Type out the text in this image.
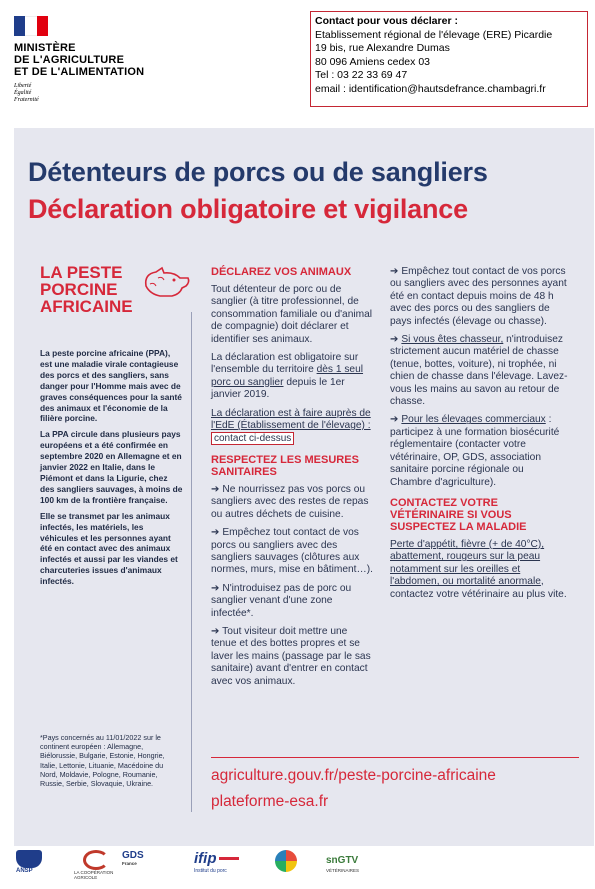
MINISTÈRE
DE L'AGRICULTURE
ET DE L'ALIMENTATION
Liberté
Égalité
Fraternité
Contact pour vous déclarer :
Etablissement régional de l'élevage (ERE) Picardie
19 bis, rue Alexandre Dumas
80 096 Amiens cedex 03
Tel : 03 22 33 69 47
email : identification@hautsdefrance.chambagri.fr
Détenteurs de porcs ou de sangliers
Déclaration obligatoire et vigilance
LA PESTE
PORCINE
AFRICAINE

La peste porcine africaine (PPA), est une maladie virale contagieuse des porcs et des sangliers, sans danger pour l'Homme mais avec de graves conséquences pour la santé des animaux et l'économie de la filière porcine.

La PPA circule dans plusieurs pays européens et a été confirmée en septembre 2020 en Allemagne et en janvier 2022 en Italie, dans le Piémont et dans la Ligurie, chez des sangliers sauvages, à moins de 100 km de la frontière française.

Elle se transmet par les animaux infectés, les matériels, les véhicules et les personnes ayant été en contact avec des animaux infectés et aussi par les viandes et charcuteries issues d'animaux infectés.

*Pays concernés au 11/01/2022 sur le continent européen : Allemagne, Biélorussie, Bulgarie, Estonie, Hongrie, Italie, Lettonie, Lituanie, Macédoine du Nord, Moldavie, Pologne, Roumanie, Russie, Serbie, Slovaquie, Ukraine.
DÉCLAREZ VOS ANIMAUX
Tout détenteur de porc ou de sanglier (à titre professionnel, de consommation familiale ou d'animal de compagnie) doit déclarer et identifier ses animaux.
La déclaration est obligatoire sur l'ensemble du territoire dès 1 seul porc ou sanglier depuis le 1er janvier 2019.
La déclaration est à faire auprès de l'EdE (Établissement de l'élevage) : contact ci-dessus
RESPECTEZ LES MESURES SANITAIRES
➔ Ne nourrissez pas vos porcs ou sangliers avec des restes de repas ou autres déchets de cuisine.
➔ Empêchez tout contact de vos porcs ou sangliers avec des sangliers sauvages (clôtures aux normes, murs, mise en bâtiment…).
➔ N'introduisez pas de porc ou sanglier venant d'une zone infectée*.
➔ Tout visiteur doit mettre une tenue et des bottes propres et se laver les mains (passage par le sas sanitaire) avant d'entrer en contact avec vos animaux.
➔ Empêchez tout contact de vos porcs ou sangliers avec des personnes ayant été en contact depuis moins de 48 h avec des porcs ou des sangliers de pays infectés (élevage ou chasse).
➔ Si vous êtes chasseur, n'introduisez strictement aucun matériel de chasse (tenue, bottes, voiture), ni trophée, ni chien de chasse dans l'élevage. Lavez-vous les mains au savon au retour de chasse.
➔ Pour les élevages commerciaux : participez à une formation biosécurité réglementaire (contacter votre vétérinaire, OP, GDS, association sanitaire porcine régionale ou Chambre d'agriculture).
CONTACTEZ VOTRE VÉTÉRINAIRE SI VOUS SUSPECTEZ LA MALADIE
Perte d'appétit, fièvre (+ de 40°C), abattement, rougeurs sur la peau notamment sur les oreilles et l'abdomen, ou mortalité anormale, contactez votre vétérinaire au plus vite.
agriculture.gouv.fr/peste-porcine-africaine
plateforme-esa.fr
ANSP	LA COOPÉRATION AGRICOLE
GDS
France	ifip
Institut du porc
snGTV
VÉTÉRINAIRES
